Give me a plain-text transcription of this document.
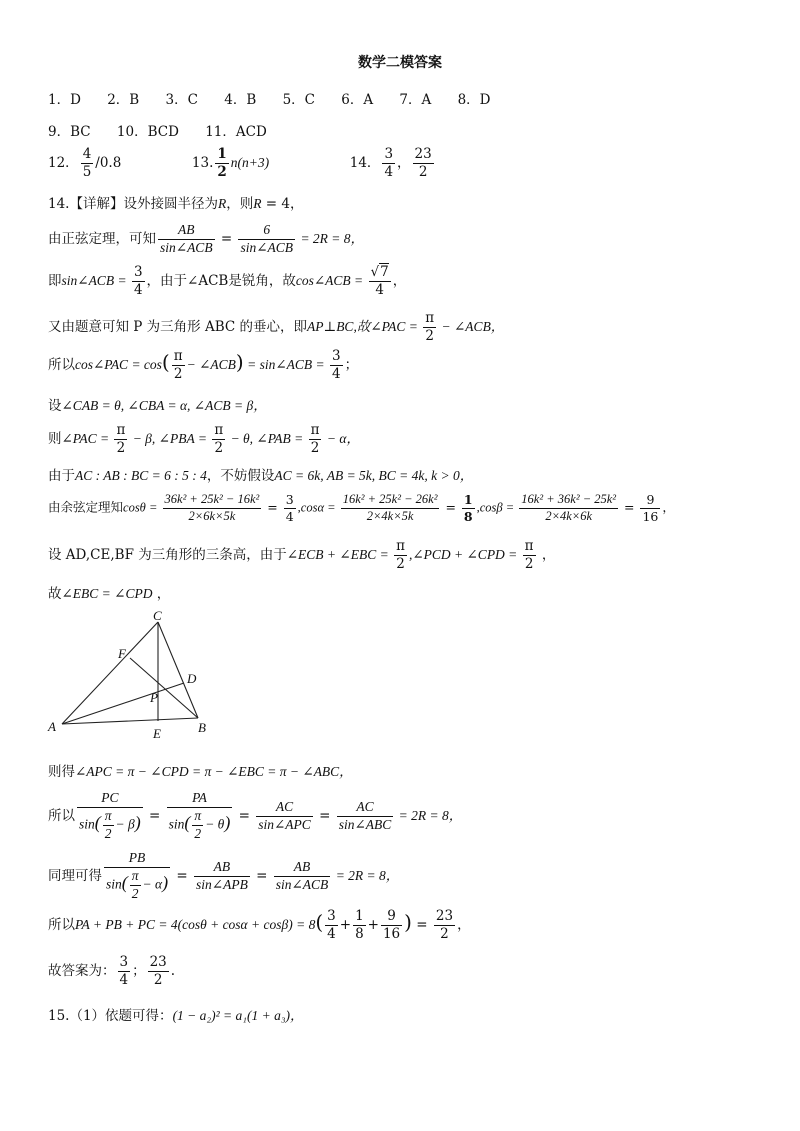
数学二模答案
1．D 2．B 3．C 4．B 5．C 6．A 7．A 8．D
9．BC 10．BCD 11．ACD
12． $\frac{4}{5} /0.8$	13. $\frac{1}{2} n(n+3)$	14． $\frac{3}{4}$ ， $\frac{23}{2}$
14.【详解】设外接圆半径为R，则R = 4，
由正弦定理，可知 $\frac{AB}{\text{sin∠ACB}} = \frac{6}{\text{sin∠ACB}} = 2R = 8$，
即sin∠ACB = $\frac{3}{4}$ ，由于∠ACB是锐角，故cos∠ACB = $\frac{√7}{4}$ ，
又由题意可知 P 为三角形 ABC 的垂心，即AP⊥BC,故∠PAC = $\frac{\pi}{2}$ − ∠ACB，
所以cos∠PAC = $\cos( \frac{\pi}{2}$ − ∠ACB) = sin∠ACB = $\frac{3}{4}$ ；
设∠CAB = θ, ∠CBA = α, ∠ACB = β，
则∠PAC = $\frac{\pi}{2} - \beta$, ∠PBA = $\frac{\pi}{2} - \theta$, ∠PAB = $\frac{\pi}{2} - \alpha$，
由于AC : AB : BC = 6 : 5 : 4，不妨假设AC = 6k, AB = 5k, BC = 4k, k > 0，
由余弦定理知$\cos\theta = \frac{\text{36k² + 25k² − 16k²}}{2\times 6k\times 5k} = \frac{3}{4} ,\cos\alpha = \frac{\text{16k² + 25k² − 26k²}}{2\times 4k\times 5k} = \frac{1}{8} ,\cos\beta = \frac{\text{16k² + 36k² − 25k²}}{2\times 4k\times 6k} = \frac{9}{16}$ ，
设 AD,CE,BF 为三角形的三条高，由于∠ECB + ∠EBC = $\frac{\pi}{2}$ ,∠PCD + ∠CPD = $\frac{\pi}{2}$ ，
故∠EBC = ∠CPD ，
C
F
D
P
A	E	B
则得∠APC = π − ∠CPD = π − ∠EBC = π − ∠ABC，
所以 $\frac{PC}{\sin( \frac{\pi}{2} - \beta)} = \frac{PA}{\sin( \frac{\pi}{2} - \theta)} = \frac{AC}{\text{sin∠APC}} = \frac{AC}{\text{sin∠ABC}} = 2R = 8$，
同理可得 $\frac{PB}{\sin( \frac{\pi}{2} - \alpha)} = \frac{AB}{\text{sin∠APB}} = \frac{AB}{\text{sin∠ACB}} = 2R = 8$，
所以PA + PB + PC = $4(\cos\theta + \cos\alpha + \cos\beta) = 8( \frac{3}{4} + \frac{1}{8} + \frac{9}{16}$ ) = $\frac{23}{2}$ ，
故答案为： $\frac{3}{4}$ ； $\frac{23}{2}$ .
15.（1）依题可得：(1 − a₂)² = a₁(1 + a₃)，
